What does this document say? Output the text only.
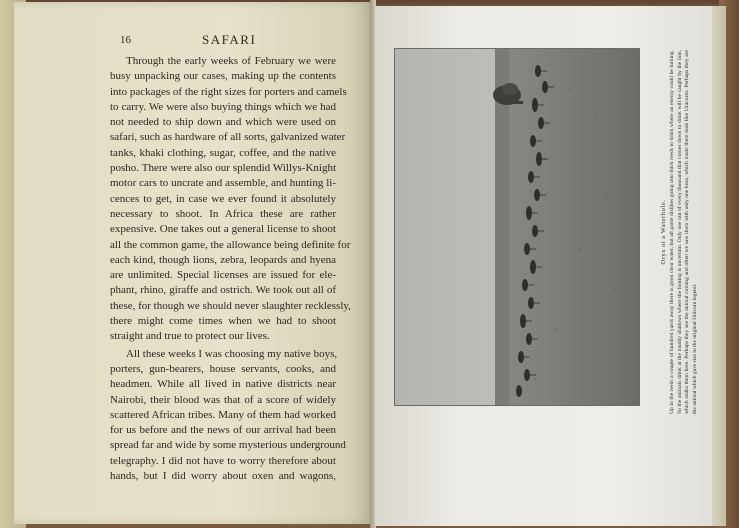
16	SAFARI

Through the early weeks of February we were
busy unpacking our cases, making up the contents
into packages of the right sizes for porters and camels
to carry. We were also buying things which we had
not needed to ship down and which were used on
safari, such as hardware of all sorts, galvanized water
tanks, khaki clothing, sugar, coffee, and the native
posho. There were also our splendid Willys-Knight
motor cars to uncrate and assemble, and hunting li-
cences to get, in case we ever found it absolutely
necessary to shoot. In Africa these are rather
expensive. One takes out a general license to shoot
all the common game, the allowance being definite for
each kind, though lions, zebra, leopards and hyena
are unlimited. Special licenses are issued for ele-
phant, rhino, giraffe and ostrich. We took out all of
these, for though we should never slaughter recklessly,
there might come times when we had to shoot
straight and true to protect our lives.

All these weeks I was choosing my native boys,
porters, gun-bearers, house servants, cooks, and
headmen. While all lived in native districts near
Nairobi, their blood was that of a score of widely
scattered African tribes. Many of them had worked
for us before and the news of our arrival had been
spread far and wide by some mysterious underground
telegraphy. I did not have to worry therefore about
hands, but I did worry about oxen and wagons,

Oryx at a Waterhole. Up in the reeds a couple of hundred yards away there is good clear water, but all game dislikes going into thick reeds to drink where an enemy could be lurking. So the animals drink at the muddy shallows where the footing is uncertain. Only one out of every thousand that comes down to drink will be caught by the lion, which stalks them here. Perhaps they see the animal coming and often we saw them with only one horn, which made them look like Unicorns. Perhaps they are the animal which gave rise to the original Unicorn legend.
